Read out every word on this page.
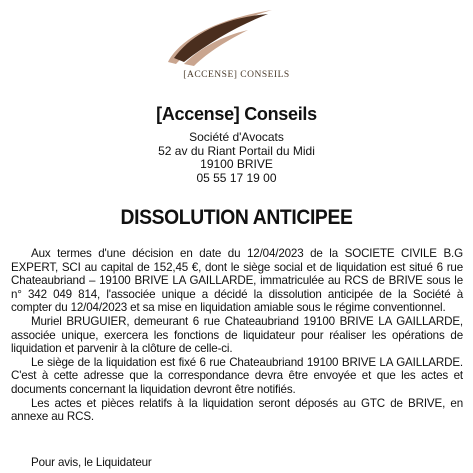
[ACCENSE] CONSEILS
[Accense] Conseils
Société d'Avocats
52 av du Riant Portail du Midi
19100 BRIVE
05 55 17 19 00
DISSOLUTION ANTICIPEE

Aux termes d'une décision en date du 12/04/2023 de la SOCIETE CIVILE B.G EXPERT, SCI au capital de 152,45 €, dont le siège social et de liquidation est situé 6 rue Chateaubriand – 19100 BRIVE LA GAILLARDE, immatriculée au RCS de BRIVE sous le n° 342 049 814, l'associée unique a décidé la dissolution anticipée de la Société à compter du 12/04/2023 et sa mise en liquidation amiable sous le régime conventionnel.

Muriel BRUGUIER, demeurant 6 rue Chateaubriand 19100 BRIVE LA GAILLARDE, associée unique, exercera les fonctions de liquidateur pour réaliser les opérations de liquidation et parvenir à la clôture de celle-ci.

Le siège de la liquidation est fixé 6 rue Chateaubriand 19100 BRIVE LA GAILLARDE. C'est à cette adresse que la correspondance devra être envoyée et que les actes et documents concernant la liquidation devront être notifiés.

Les actes et pièces relatifs à la liquidation seront déposés au GTC de BRIVE, en annexe au RCS.

Pour avis, le Liquidateur
